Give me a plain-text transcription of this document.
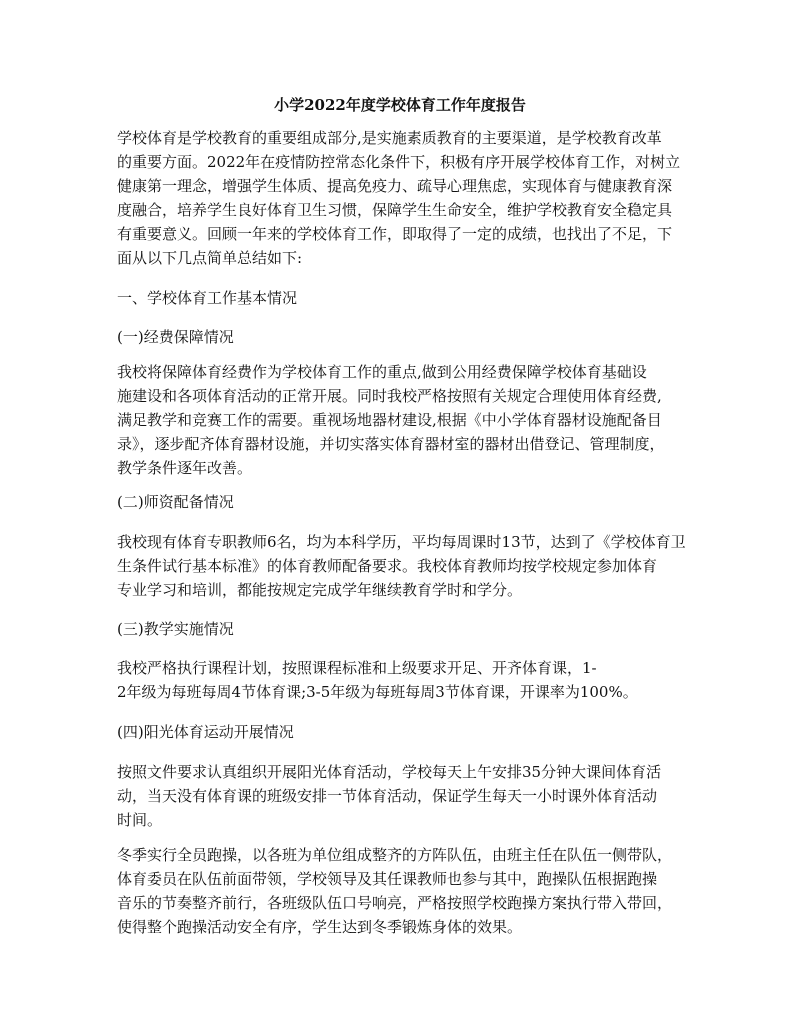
小学2022年度学校体育工作年度报告

学校体育是学校教育的重要组成部分,是实施素质教育的主要渠道，是学校教育改革
的重要方面。2022年在疫情防控常态化条件下，积极有序开展学校体育工作，对树立
健康第一理念，增强学生体质、提高免疫力、疏导心理焦虑，实现体育与健康教育深
度融合，培养学生良好体育卫生习惯，保障学生生命安全，维护学校教育安全稳定具
有重要意义。回顾一年来的学校体育工作，即取得了一定的成绩，也找出了不足，下
面从以下几点简单总结如下:

一、学校体育工作基本情况
(一)经费保障情况

我校将保障体育经费作为学校体育工作的重点,做到公用经费保障学校体育基础设
施建设和各项体育活动的正常开展。同时我校严格按照有关规定合理使用体育经费,
满足教学和竞赛工作的需要。重视场地器材建设,根据《中小学体育器材设施配备目
录》，逐步配齐体育器材设施，并切实落实体育器材室的器材出借登记、管理制度，
教学条件逐年改善。

(二)师资配备情况

我校现有体育专职教师6名，均为本科学历，平均每周课时13节，达到了《学校体育卫
生条件试行基本标准》的体育教师配备要求。我校体育教师均按学校规定参加体育
专业学习和培训，都能按规定完成学年继续教育学时和学分。

(三)教学实施情况

我校严格执行课程计划，按照课程标准和上级要求开足、开齐体育课，1-
2年级为每班每周4节体育课;3-5年级为每班每周3节体育课，开课率为100%。

(四)阳光体育运动开展情况

按照文件要求认真组织开展阳光体育活动，学校每天上午安排35分钟大课间体育活
动，当天没有体育课的班级安排一节体育活动，保证学生每天一小时课外体育活动
时间。

冬季实行全员跑操，以各班为单位组成整齐的方阵队伍，由班主任在队伍一侧带队，
体育委员在队伍前面带领，学校领导及其任课教师也参与其中，跑操队伍根据跑操
音乐的节奏整齐前行，各班级队伍口号响亮，严格按照学校跑操方案执行带入带回，
使得整个跑操活动安全有序，学生达到冬季锻炼身体的效果。
